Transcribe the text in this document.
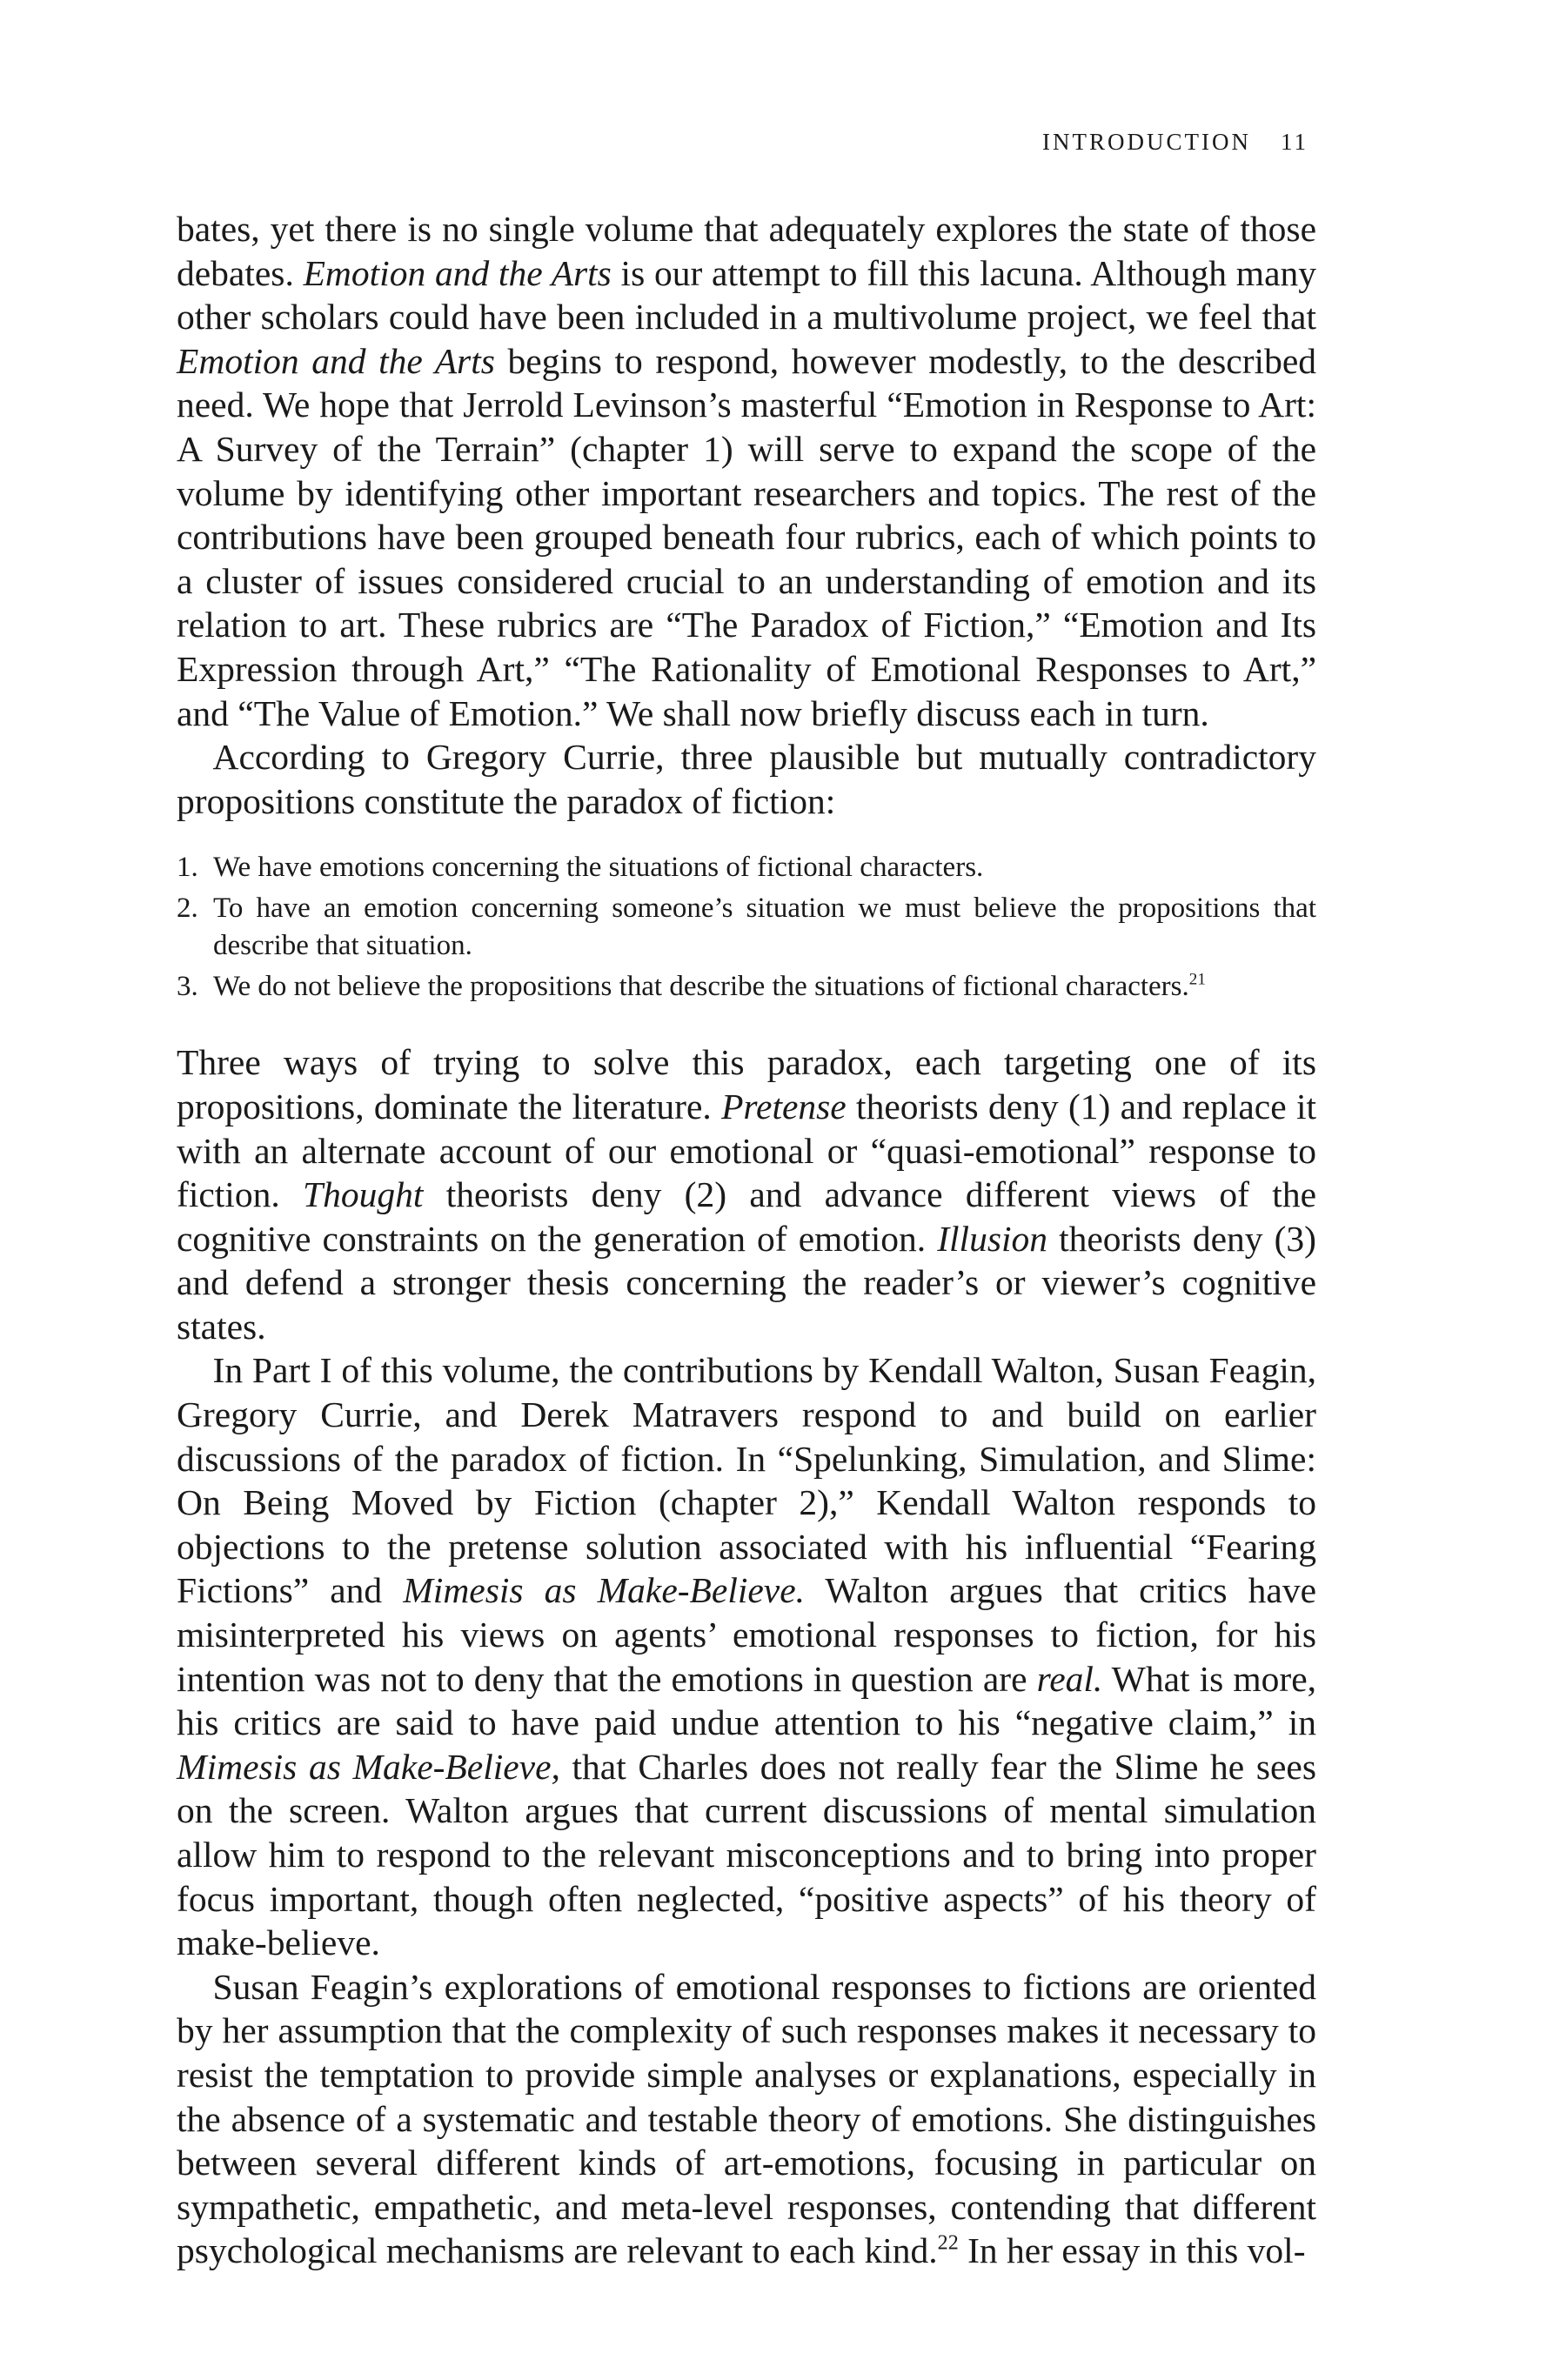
INTRODUCTION 11

bates, yet there is no single volume that adequately explores the state of those debates. Emotion and the Arts is our attempt to fill this lacuna. Although many other scholars could have been included in a multivolume project, we feel that Emotion and the Arts begins to respond, however modestly, to the described need. We hope that Jerrold Levinson’s masterful “Emotion in Response to Art: A Survey of the Terrain” (chapter 1) will serve to expand the scope of the volume by identifying other important researchers and topics. The rest of the contributions have been grouped beneath four rubrics, each of which points to a cluster of issues considered crucial to an understanding of emotion and its relation to art. These rubrics are “The Paradox of Fiction,” “Emotion and Its Expression through Art,” “The Rationality of Emotional Responses to Art,” and “The Value of Emotion.” We shall now briefly discuss each in turn.

According to Gregory Currie, three plausible but mutually contradictory propositions constitute the paradox of fiction:

1. We have emotions concerning the situations of fictional characters.
2. To have an emotion concerning someone’s situation we must believe the propositions that describe that situation.
3. We do not believe the propositions that describe the situations of fictional characters.$^{21}$

Three ways of trying to solve this paradox, each targeting one of its propositions, dominate the literature. Pretense theorists deny (1) and replace it with an alternate account of our emotional or “quasi-emotional” response to fiction. Thought theorists deny (2) and advance different views of the cognitive constraints on the generation of emotion. Illusion theorists deny (3) and defend a stronger thesis concerning the reader’s or viewer’s cognitive states.

In Part I of this volume, the contributions by Kendall Walton, Susan Feagin, Gregory Currie, and Derek Matravers respond to and build on earlier discussions of the paradox of fiction. In “Spelunking, Simulation, and Slime: On Being Moved by Fiction (chapter 2),” Kendall Walton responds to objections to the pretense solution associated with his influential “Fearing Fictions” and Mimesis as Make-Believe. Walton argues that critics have misinterpreted his views on agents’ emotional responses to fiction, for his intention was not to deny that the emotions in question are real. What is more, his critics are said to have paid undue attention to his “negative claim,” in Mimesis as Make-Believe, that Charles does not really fear the Slime he sees on the screen. Walton argues that current discussions of mental simulation allow him to respond to the relevant misconceptions and to bring into proper focus important, though often neglected, “positive aspects” of his theory of make-believe.

Susan Feagin’s explorations of emotional responses to fictions are oriented by her assumption that the complexity of such responses makes it necessary to resist the temptation to provide simple analyses or explanations, especially in the absence of a systematic and testable theory of emotions. She distinguishes between several different kinds of art-emotions, focusing in particular on sympathetic, empathetic, and meta-level responses, contending that different psychological mechanisms are relevant to each kind.$^{22}$ In her essay in this vol-
